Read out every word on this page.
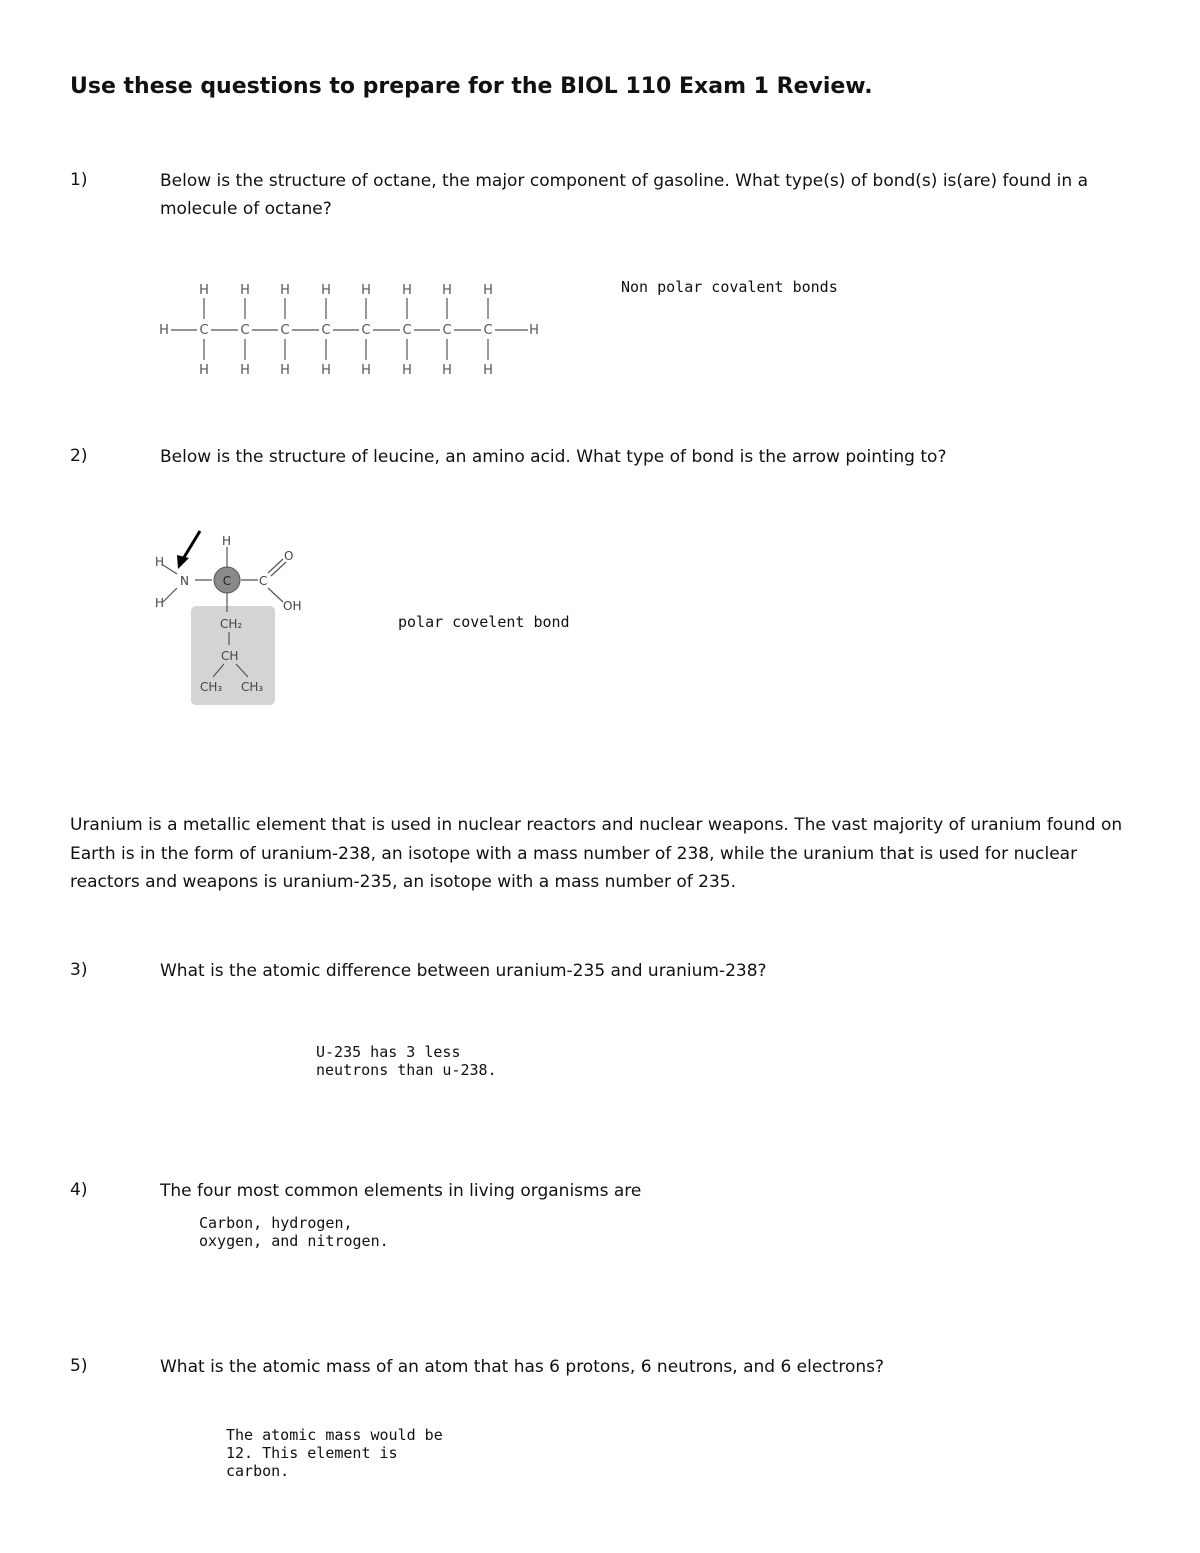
Use these questions to prepare for the BIOL 110 Exam 1 Review.
1)	Below is the structure of octane, the major component of gasoline. What type(s) of bond(s) is(are) found in a molecule of octane?
H	H
H
C
H
H
C
H
H
C
H
H
C
H
H
C
H
H
C
H
H
C
H
H
C
H
Non polar covalent bonds
2)	Below is the structure of leucine, an amino acid. What type of bond is the arrow pointing to?
C
H
H
N
H
C
O
OH
CH₂
CH
CH₃ CH₃
polar covelent bond
Uranium is a metallic element that is used in nuclear reactors and nuclear weapons. The vast majority of uranium found on Earth is in the form of uranium-238, an isotope with a mass number of 238, while the uranium that is used for nuclear reactors and weapons is uranium-235, an isotope with a mass number of 235.
3)	What is the atomic difference between uranium-235 and uranium-238?
U-235 has 3 less
neutrons than u-238.
4)	The four most common elements in living organisms are
Carbon, hydrogen,
oxygen, and nitrogen.
5)	What is the atomic mass of an atom that has 6 protons, 6 neutrons, and 6 electrons?
The atomic mass would be
12. This element is
carbon.
